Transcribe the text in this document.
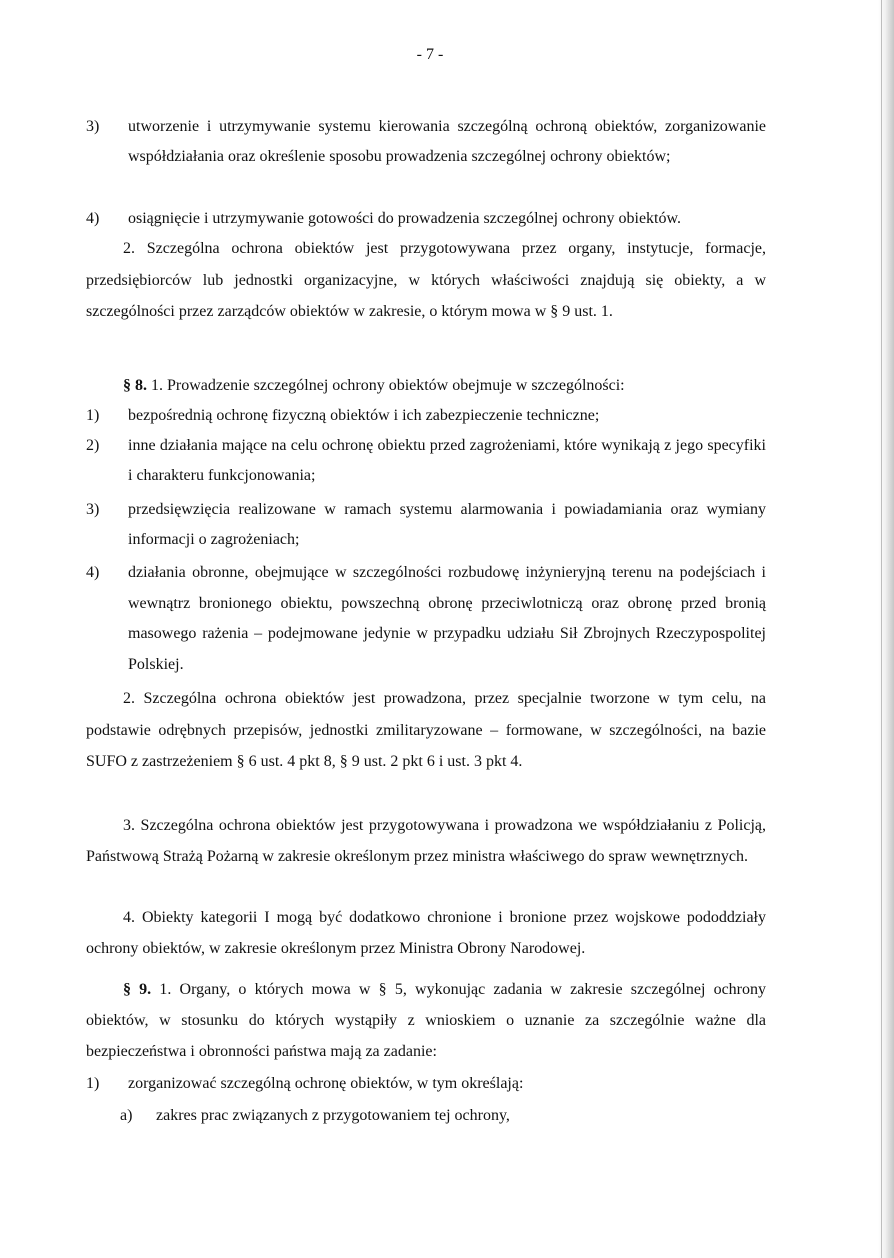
- 7 -
3)	utworzenie i utrzymywanie systemu kierowania szczególną ochroną obiektów, zorganizowanie współdziałania oraz określenie sposobu prowadzenia szczególnej ochrony obiektów;
4)	osiągnięcie i utrzymywanie gotowości do prowadzenia szczególnej ochrony obiektów.
2. Szczególna ochrona obiektów jest przygotowywana przez organy, instytucje, formacje, przedsiębiorców lub jednostki organizacyjne, w których właściwości znajdują się obiekty, a w szczególności przez zarządców obiektów w zakresie, o którym mowa w § 9 ust. 1.
§ 8. 1. Prowadzenie szczególnej ochrony obiektów obejmuje w szczególności:
1)	bezpośrednią ochronę fizyczną obiektów i ich zabezpieczenie techniczne;
2)	inne działania mające na celu ochronę obiektu przed zagrożeniami, które wynikają z jego specyfiki i charakteru funkcjonowania;
3)	przedsięwzięcia realizowane w ramach systemu alarmowania i powiadamiania oraz wymiany informacji o zagrożeniach;
4)	działania obronne, obejmujące w szczególności rozbudowę inżynieryjną terenu na podejściach i wewnątrz bronionego obiektu, powszechną obronę przeciwlotniczą oraz obronę przed bronią masowego rażenia – podejmowane jedynie w przypadku udziału Sił Zbrojnych Rzeczypospolitej Polskiej.
2. Szczególna ochrona obiektów jest prowadzona, przez specjalnie tworzone w tym celu, na podstawie odrębnych przepisów, jednostki zmilitaryzowane – formowane, w szczególności, na bazie SUFO z zastrzeżeniem § 6 ust. 4 pkt 8, § 9 ust. 2 pkt 6 i ust. 3 pkt 4.
3. Szczególna ochrona obiektów jest przygotowywana i prowadzona we współdziałaniu z Policją, Państwową Strażą Pożarną w zakresie określonym przez ministra właściwego do spraw wewnętrznych.
4. Obiekty kategorii I mogą być dodatkowo chronione i bronione przez wojskowe pododdziały ochrony obiektów, w zakresie określonym przez Ministra Obrony Narodowej.
§ 9. 1. Organy, o których mowa w § 5, wykonując zadania w zakresie szczególnej ochrony obiektów, w stosunku do których wystąpiły z wnioskiem o uznanie za szczególnie ważne dla bezpieczeństwa i obronności państwa mają za zadanie:
1)	zorganizować szczególną ochronę obiektów, w tym określają:
a)	zakres prac związanych z przygotowaniem tej ochrony,
